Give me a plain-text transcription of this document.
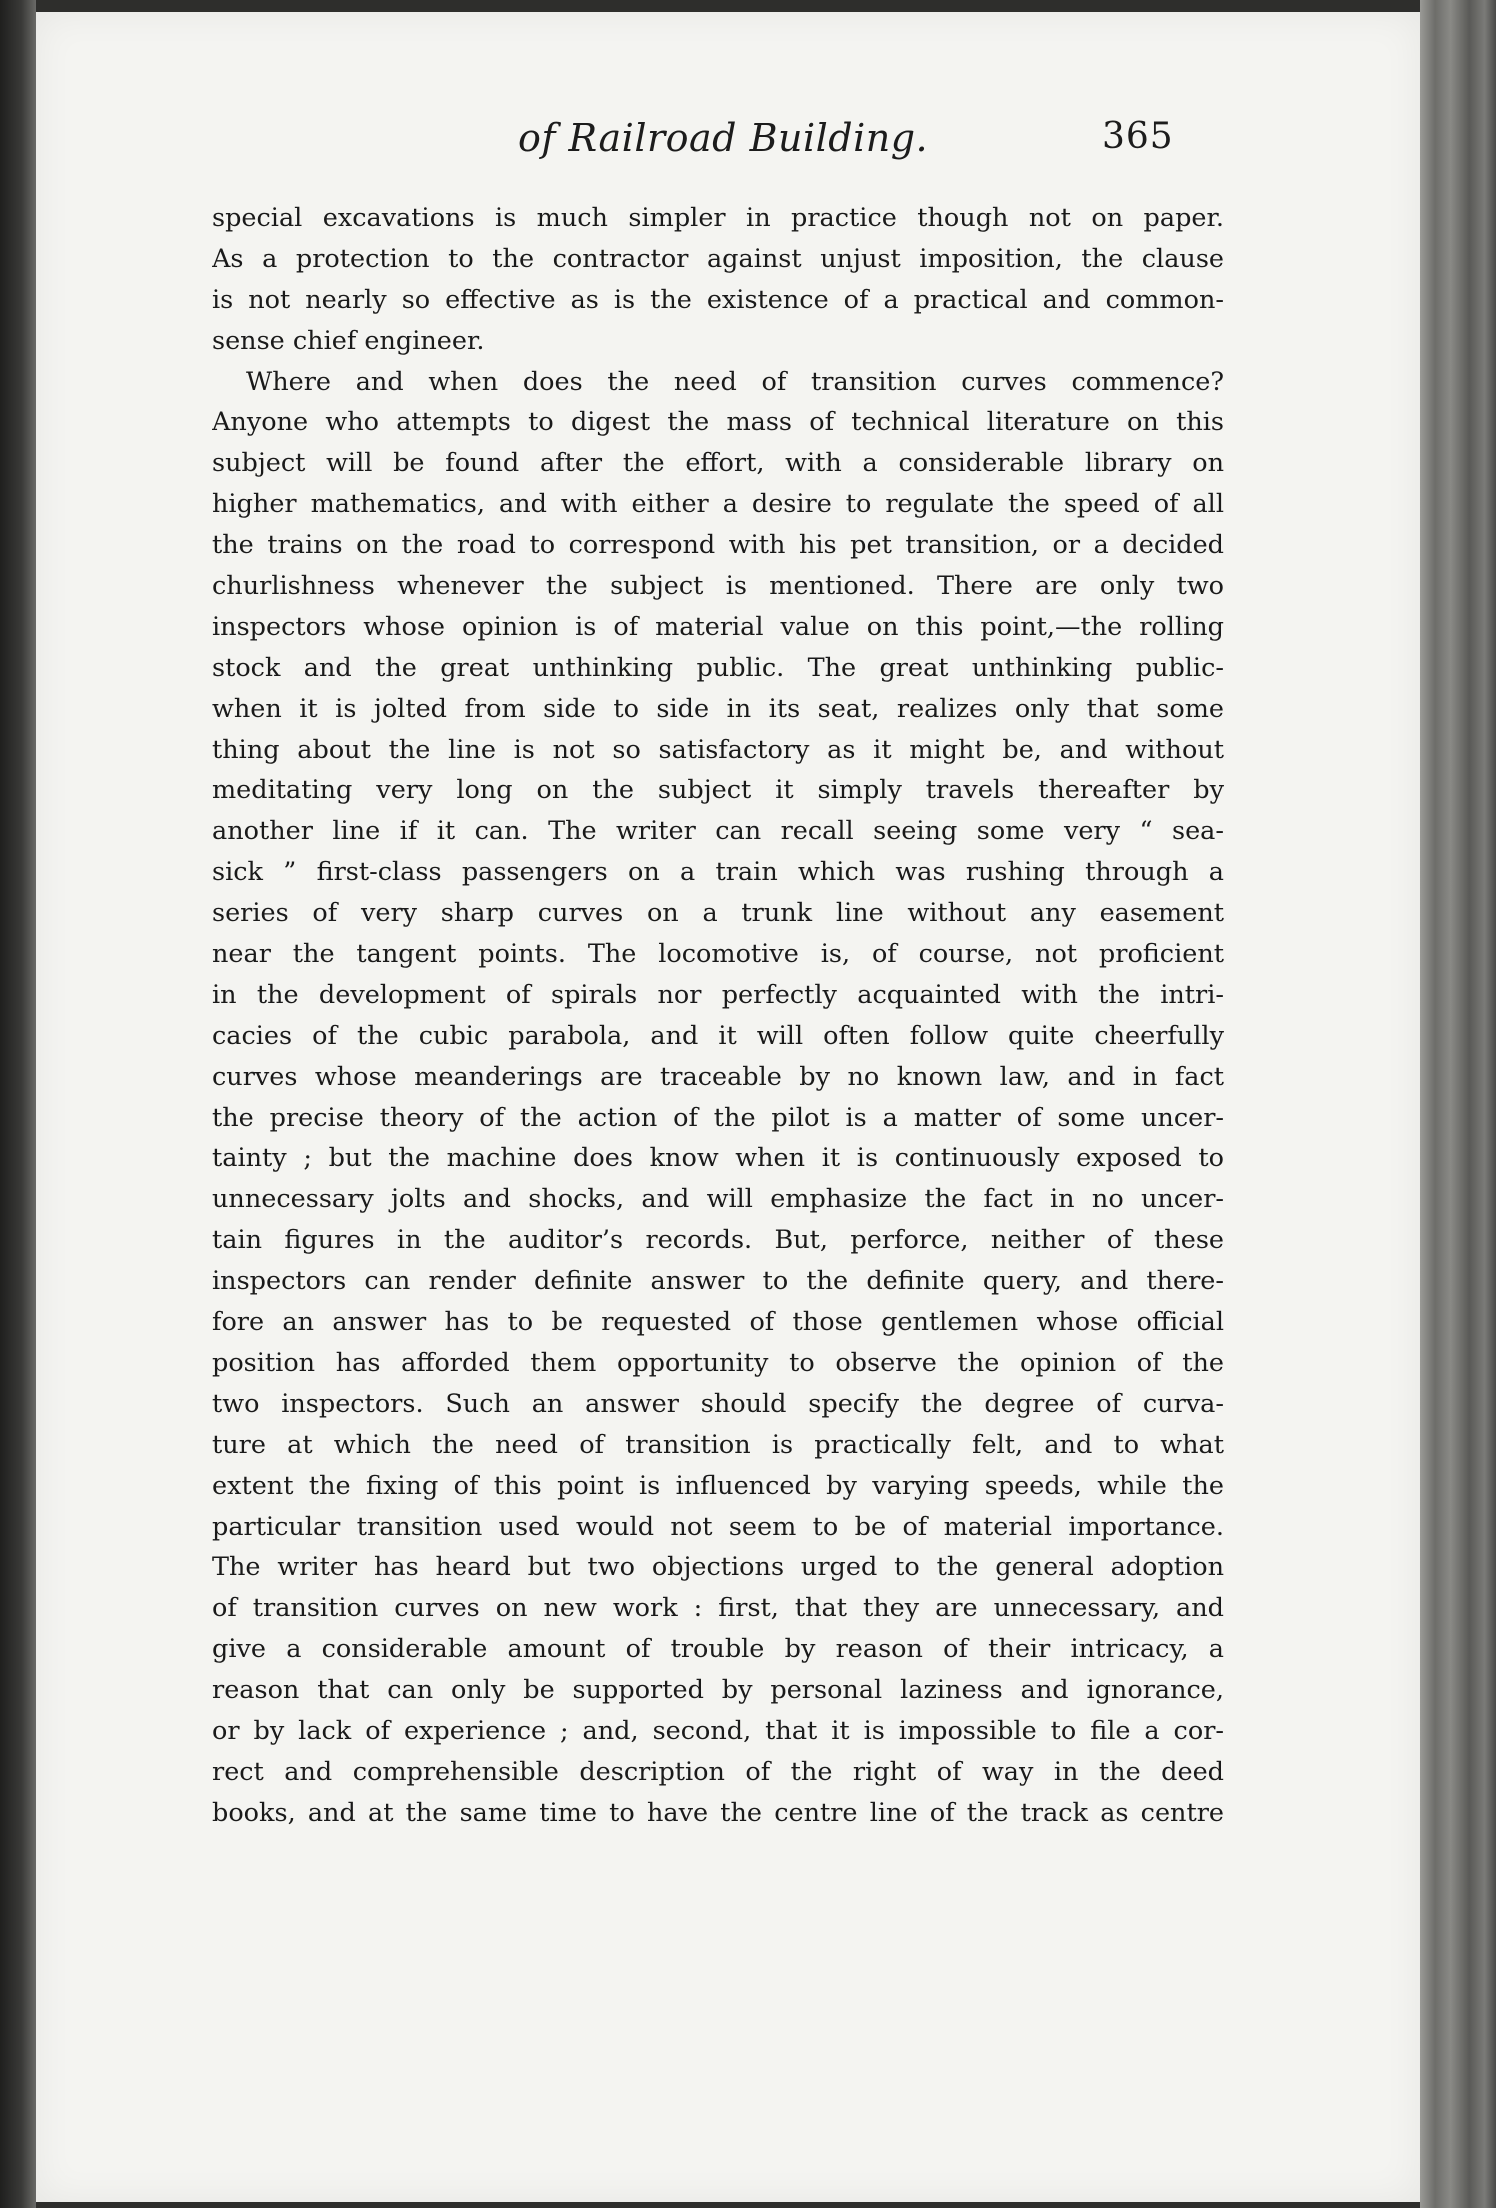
of Railroad Building.	365
special excavations is much simpler in practice though not on paper.
As a protection to the contractor against unjust imposition, the clause
is not nearly so effective as is the existence of a practical and common-
sense chief engineer.
Where and when does the need of transition curves commence?
Anyone who attempts to digest the mass of technical literature on this
subject will be found after the effort, with a considerable library on
higher mathematics, and with either a desire to regulate the speed of all
the trains on the road to correspond with his pet transition, or a decided
churlishness whenever the subject is mentioned. There are only two
inspectors whose opinion is of material value on this point,—the rolling
stock and the great unthinking public. The great unthinking public-
when it is jolted from side to side in its seat, realizes only that some
thing about the line is not so satisfactory as it might be, and without
meditating very long on the subject it simply travels thereafter by
another line if it can. The writer can recall seeing some very “ sea-
sick ” first-class passengers on a train which was rushing through a
series of very sharp curves on a trunk line without any easement
near the tangent points. The locomotive is, of course, not proficient
in the development of spirals nor perfectly acquainted with the intri-
cacies of the cubic parabola, and it will often follow quite cheerfully
curves whose meanderings are traceable by no known law, and in fact
the precise theory of the action of the pilot is a matter of some uncer-
tainty ; but the machine does know when it is continuously exposed to
unnecessary jolts and shocks, and will emphasize the fact in no uncer-
tain figures in the auditor’s records. But, perforce, neither of these
inspectors can render definite answer to the definite query, and there-
fore an answer has to be requested of those gentlemen whose official
position has afforded them opportunity to observe the opinion of the
two inspectors. Such an answer should specify the degree of curva-
ture at which the need of transition is practically felt, and to what
extent the fixing of this point is influenced by varying speeds, while the
particular transition used would not seem to be of material importance.
The writer has heard but two objections urged to the general adoption
of transition curves on new work : first, that they are unnecessary, and
give a considerable amount of trouble by reason of their intricacy, a
reason that can only be supported by personal laziness and ignorance,
or by lack of experience ; and, second, that it is impossible to file a cor-
rect and comprehensible description of the right of way in the deed
books, and at the same time to have the centre line of the track as centre
